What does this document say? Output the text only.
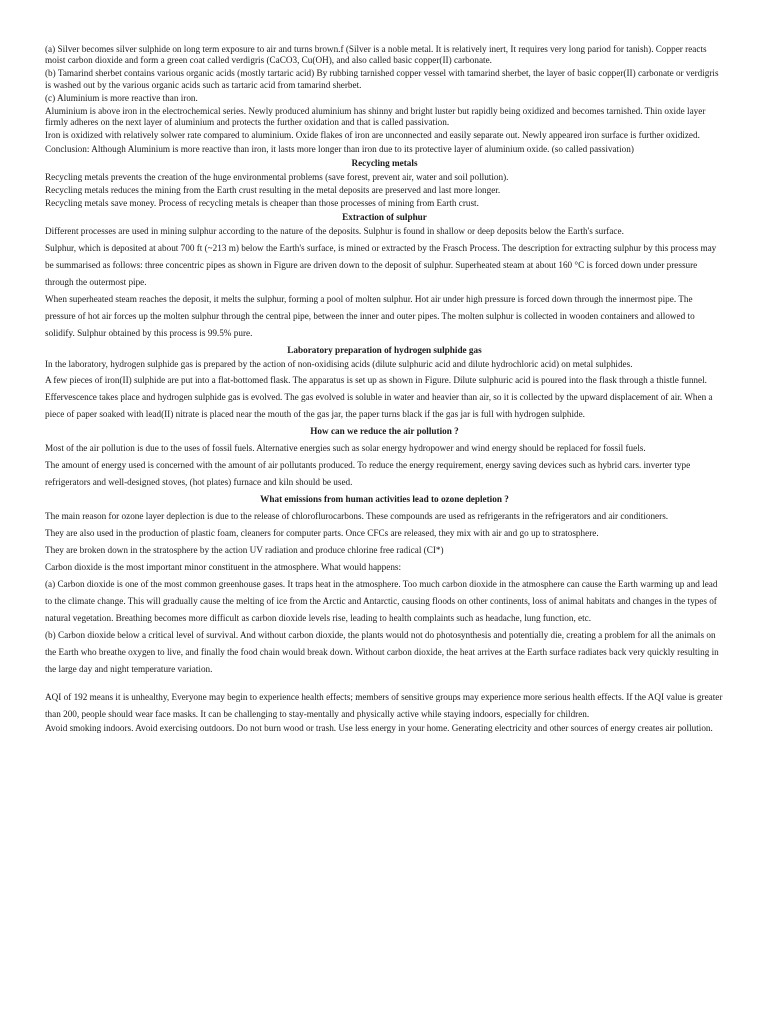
(a) Silver becomes silver sulphide on long term exposure to air and turns brown.f (Silver is a noble metal. It is relatively inert, It requires very long pariod for tanish). Copper reacts moist carbon dioxide and form a green coat called verdigris (CaCO3, Cu(OH), and also called basic copper(II) carbonate.

(b) Tamarind sherbet contains various organic acids (mostly tartaric acid) By rubbing tarnished copper vessel with tamarind sherbet, the layer of basic copper(II) carbonate or verdigris is washed out by the various organic acids such as tartaric acid from tamarind sherbet.

(c) Aluminium is more reactive than iron.

Aluminium is above iron in the electrochemical series. Newly produced aluminium has shinny and bright luster but rapidly being oxidized and becomes tarnished. Thin oxide layer firmly adheres on the next layer of aluminium and protects the further oxidation and that is called passivation.

Iron is oxidized with relatively solwer rate compared to aluminium. Oxide flakes of iron are unconnected and easily separate out. Newly appeared iron surface is further oxidized.

Conclusion: Although Aluminium is more reactive than iron, it lasts more longer than iron due to its protective layer of aluminium oxide. (so called passivation)

Recycling metals

Recycling metals prevents the creation of the huge environmental problems (save forest, prevent air, water and soil pollution).

Recycling metals reduces the mining from the Earth crust resulting in the metal deposits are preserved and last more longer.

Recycling metals save money. Process of recycling metals is cheaper than those processes of mining from Earth crust.

Extraction of sulphur

Different processes are used in mining sulphur according to the nature of the deposits. Sulphur is found in shallow or deep deposits below the Earth's surface.

Sulphur, which is deposited at about 700 ft (~213 m) below the Earth's surface, is mined or extracted by the Frasch Process. The description for extracting sulphur by this process may be summarised as follows: three concentric pipes as shown in Figure are driven down to the deposit of sulphur. Superheated steam at about 160 °C is forced down under pressure through the outermost pipe.

When superheated steam reaches the deposit, it melts the sulphur, forming a pool of molten sulphur. Hot air under high pressure is forced down through the innermost pipe. The pressure of hot air forces up the molten sulphur through the central pipe, between the inner and outer pipes. The molten sulphur is collected in wooden containers and allowed to solidify. Sulphur obtained by this process is 99.5% pure.

Laboratory preparation of hydrogen sulphide gas

In the laboratory, hydrogen sulphide gas is prepared by the action of non-oxidising acids (dilute sulphuric acid and dilute hydrochloric acid) on metal sulphides.

A few pieces of iron(II) sulphide are put into a flat-bottomed flask. The apparatus is set up as shown in Figure. Dilute sulphuric acid is poured into the flask through a thistle funnel. Effervescence takes place and hydrogen sulphide gas is evolved. The gas evolved is soluble in water and heavier than air, so it is collected by the upward displacement of air. When a piece of paper soaked with lead(II) nitrate is placed near the mouth of the gas jar, the paper turns black if the gas jar is full with hydrogen sulphide.

How can we reduce the air pollution ?

Most of the air pollution is due to the uses of fossil fuels. Alternative energies such as solar energy hydropower and wind energy should be replaced for fossil fuels.

The amount of energy used is concerned with the amount of air pollutants produced. To reduce the energy requirement, energy saving devices such as hybrid cars. inverter type refrigerators and well-designed stoves, (hot plates) furnace and kiln should be used.

What emissions from human activities lead to ozone depletion ?

The main reason for ozone layer deplection is due to the release of chloroflurocarbons. These compounds are used as refrigerants in the refrigerators and air conditioners.

They are also used in the production of plastic foam, cleaners for computer parts. Once CFCs are released, they mix with air and go up to stratosphere.

They are broken down in the stratosphere by the action UV radiation and produce chlorine free radical (CI*)

Carbon dioxide is the most important minor constituent in the atmosphere. What would happens:

(a) Carbon dioxide is one of the most common greenhouse gases. It traps heat in the atmosphere. Too much carbon dioxide in the atmosphere can cause the Earth warming up and lead to the climate change. This will gradually cause the melting of ice from the Arctic and Antarctic, causing floods on other continents, loss of animal habitats and changes in the types of natural vegetation. Breathing becomes more difficult as carbon dioxide levels rise, leading to health complaints such as headache, lung function, etc.

(b) Carbon dioxide below a critical level of survival. And without carbon dioxide, the plants would not do photosynthesis and potentially die, creating a problem for all the animals on the Earth who breathe oxygen to live, and finally the food chain would break down. Without carbon dioxide, the heat arrives at the Earth surface radiates back very quickly resulting in the large day and night temperature variation.

AQI of 192 means it is unhealthy, Everyone may begin to experience health effects; members of sensitive groups may experience more serious health effects. If the AQI value is greater than 200, people should wear face masks. It can be challenging to stay-mentally and physically active while staying indoors, especially for children.

Avoid smoking indoors. Avoid exercising outdoors. Do not burn wood or trash. Use less energy in your home. Generating electricity and other sources of energy creates air pollution.
